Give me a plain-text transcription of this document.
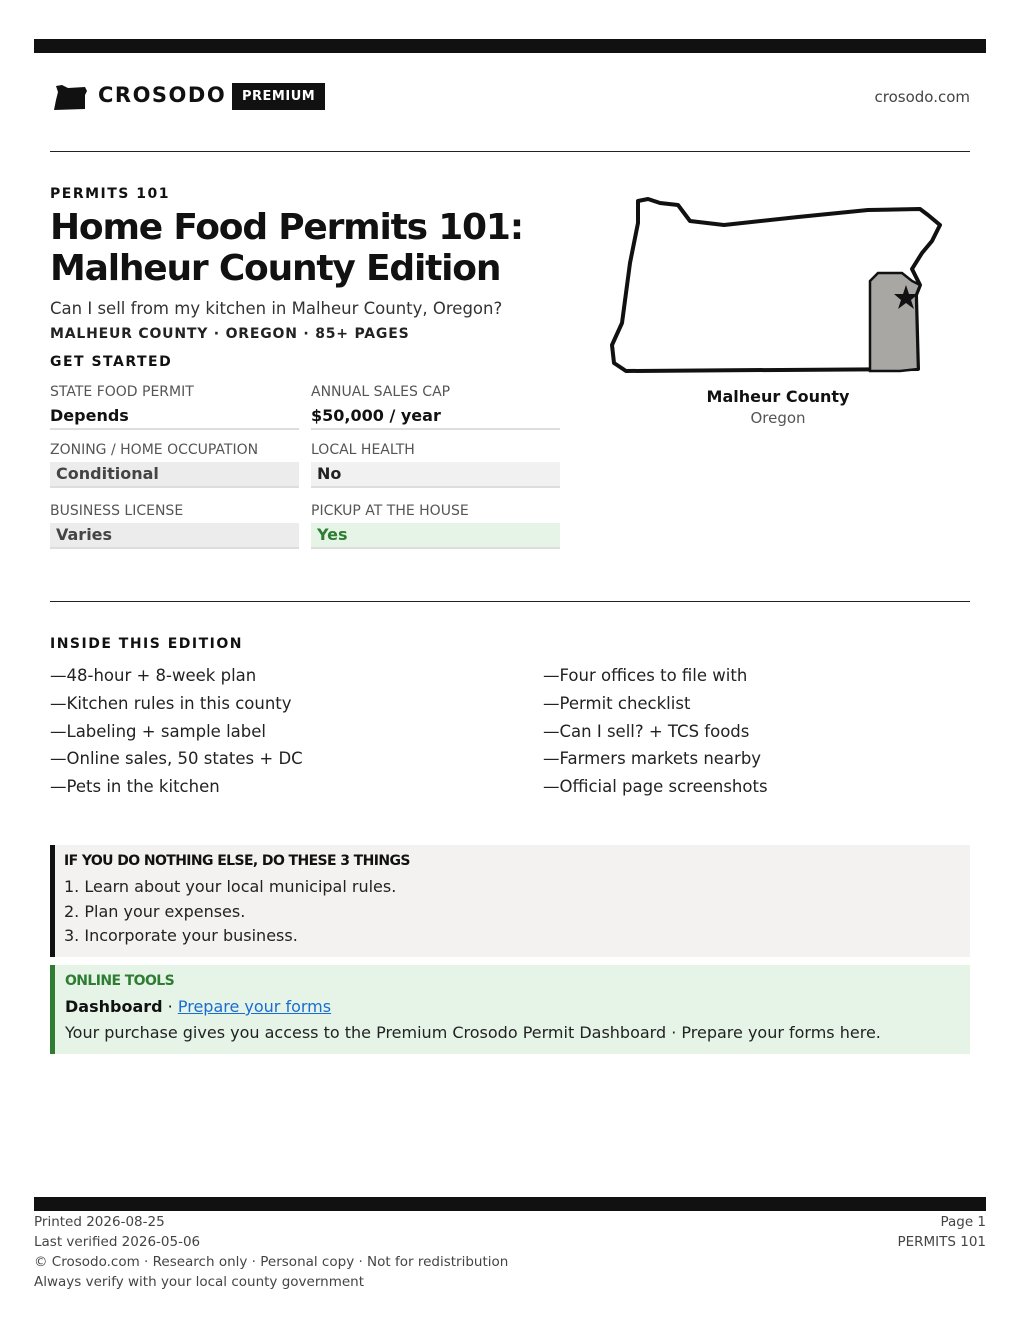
CROSODO	PREMIUM	crosodo.com
PERMITS 101
Home Food Permits 101: Malheur County Edition
Can I sell from my kitchen in Malheur County, Oregon?
MALHEUR COUNTY · OREGON · 85+ PAGES
GET STARTED
STATE FOOD PERMIT
Depends
ANNUAL SALES CAP
$50,000 / year
ZONING / HOME OCCUPATION
Conditional
LOCAL HEALTH
No
BUSINESS LICENSE
Varies
PICKUP AT THE HOUSE
Yes
Malheur County
Oregon
INSIDE THIS EDITION
—48-hour + 8-week plan
—Kitchen rules in this county
—Labeling + sample label
—Online sales, 50 states + DC
—Pets in the kitchen
—Four offices to file with
—Permit checklist
—Can I sell? + TCS foods
—Farmers markets nearby
—Official page screenshots
IF YOU DO NOTHING ELSE, DO THESE 3 THINGS
1. Learn about your local municipal rules.
2. Plan your expenses.
3. Incorporate your business.
ONLINE TOOLS
Dashboard · Prepare your forms
Your purchase gives you access to the Premium Crosodo Permit Dashboard · Prepare your forms here.
Printed 2026-08-25
Last verified 2026-05-06
© Crosodo.com · Research only · Personal copy · Not for redistribution
Always verify with your local county government
Page 1
PERMITS 101
